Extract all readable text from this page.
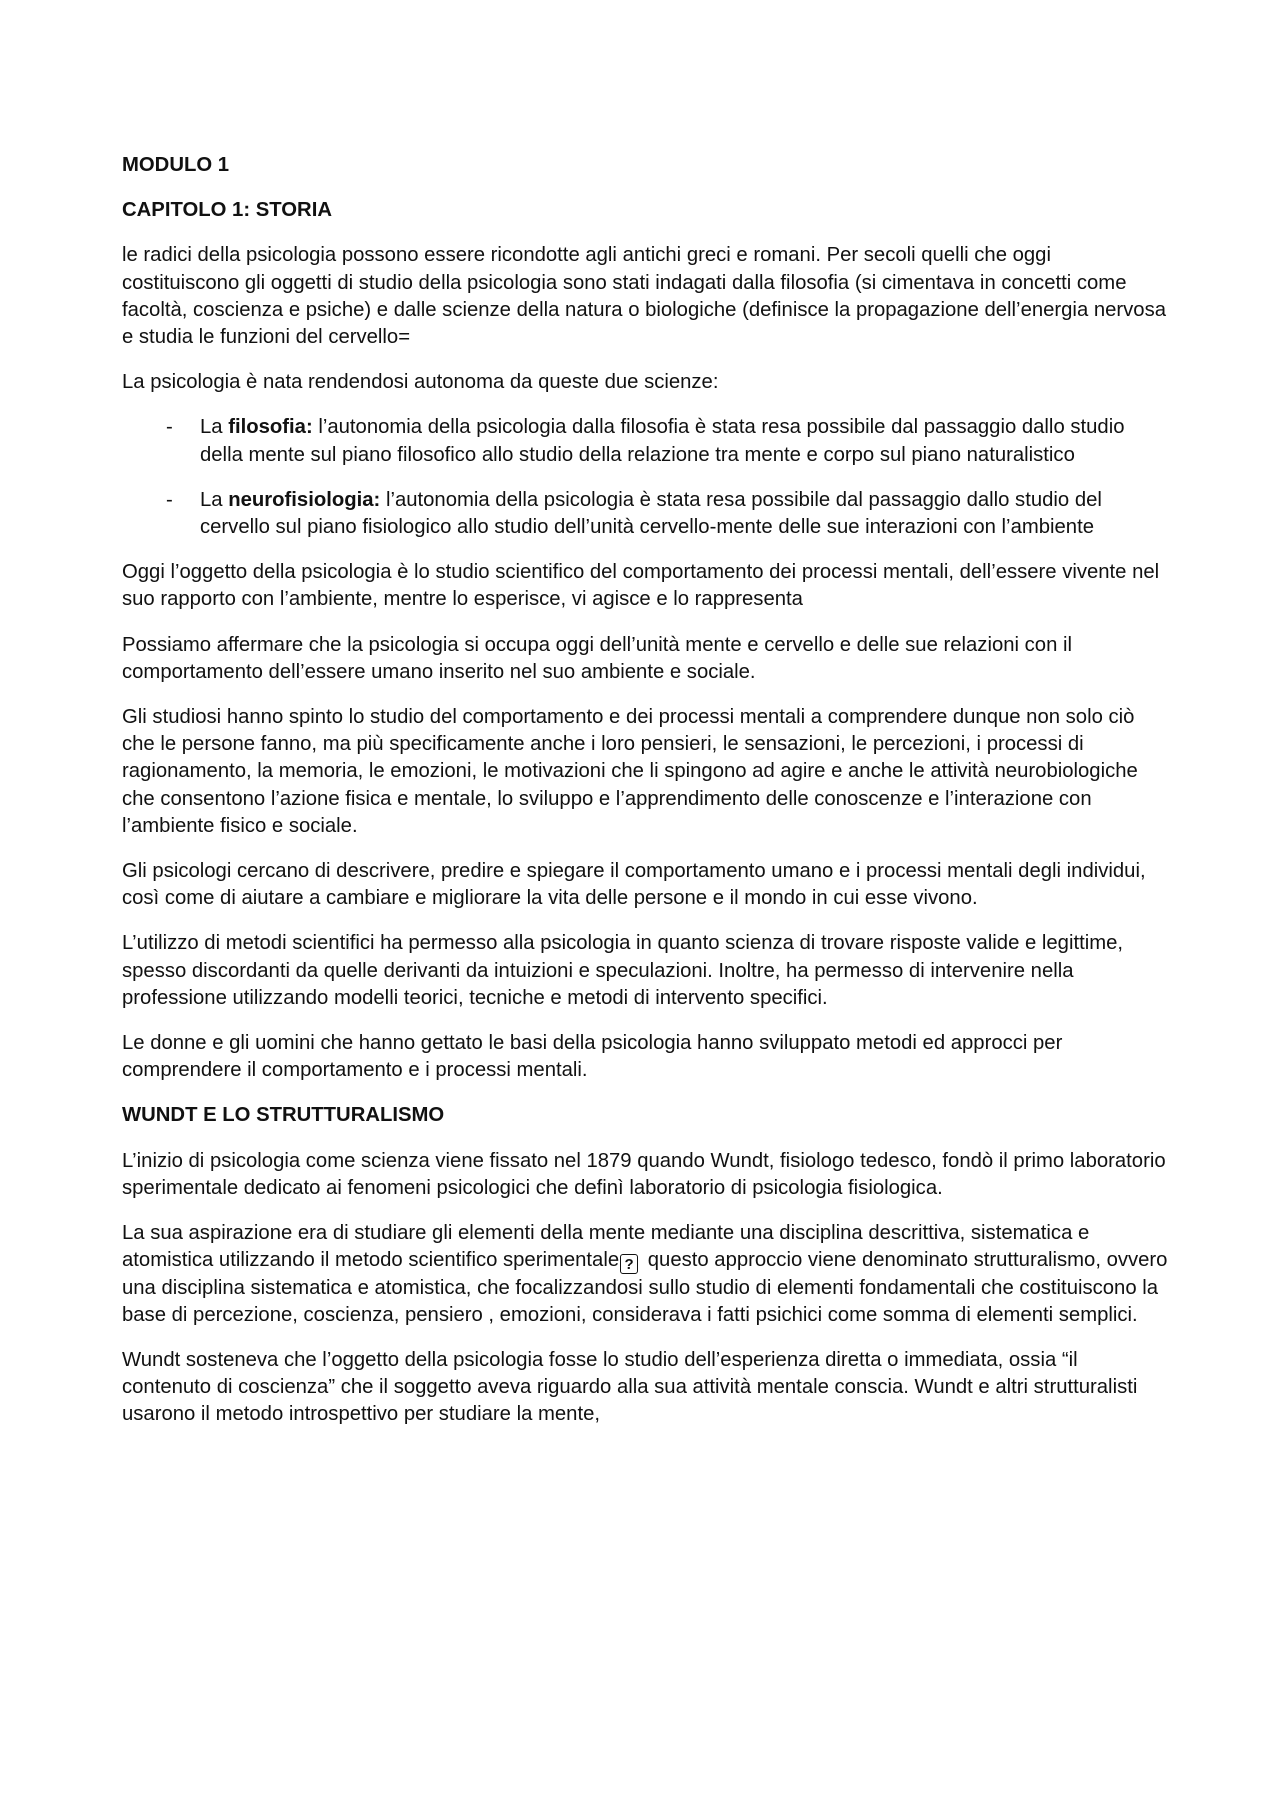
MODULO 1
CAPITOLO 1: STORIA
le radici della psicologia possono essere ricondotte agli antichi greci e romani. Per secoli quelli che oggi costituiscono gli oggetti di studio della psicologia sono stati indagati dalla filosofia (si cimentava in concetti come facoltà, coscienza e psiche) e dalle scienze della natura o biologiche (definisce la propagazione dell’energia nervosa e studia le funzioni del cervello=
La psicologia è nata rendendosi autonoma da queste due scienze:
- La filosofia: l’autonomia della psicologia dalla filosofia è stata resa possibile dal passaggio dallo studio della mente sul piano filosofico allo studio della relazione tra mente e corpo sul piano naturalistico
- La neurofisiologia: l’autonomia della psicologia è stata resa possibile dal passaggio dallo studio del cervello sul piano fisiologico allo studio dell’unità cervello-mente delle sue interazioni con l’ambiente
Oggi l’oggetto della psicologia è lo studio scientifico del comportamento dei processi mentali, dell’essere vivente nel suo rapporto con l’ambiente, mentre lo esperisce, vi agisce e lo rappresenta
Possiamo affermare che la psicologia si occupa oggi dell’unità mente e cervello e delle sue relazioni con il comportamento dell’essere umano inserito nel suo ambiente e sociale.
Gli studiosi hanno spinto lo studio del comportamento e dei processi mentali a comprendere dunque non solo ciò che le persone fanno, ma più specificamente anche i loro pensieri, le sensazioni, le percezioni, i processi di ragionamento, la memoria, le emozioni, le motivazioni che li spingono ad agire e anche le attività neurobiologiche che consentono l’azione fisica e mentale, lo sviluppo e l’apprendimento delle conoscenze e l’interazione con l’ambiente fisico e sociale.
Gli psicologi cercano di descrivere, predire e spiegare il comportamento umano e i processi mentali degli individui, così come di aiutare a cambiare e migliorare la vita delle persone e il mondo in cui esse vivono.
L’utilizzo di metodi scientifici ha permesso alla psicologia in quanto scienza di trovare risposte valide e legittime, spesso discordanti da quelle derivanti da intuizioni e speculazioni. Inoltre, ha permesso di intervenire nella professione utilizzando modelli teorici, tecniche e metodi di intervento specifici.
Le donne e gli uomini che hanno gettato le basi della psicologia hanno sviluppato metodi ed approcci per comprendere il comportamento e i processi mentali.
WUNDT E LO STRUTTURALISMO
L’inizio di psicologia come scienza viene fissato nel 1879 quando Wundt, fisiologo tedesco, fondò il primo laboratorio sperimentale dedicato ai fenomeni psicologici che definì laboratorio di psicologia fisiologica.
La sua aspirazione era di studiare gli elementi della mente mediante una disciplina descrittiva, sistematica e atomistica utilizzando il metodo scientifico sperimentale ? questo approccio viene denominato strutturalismo, ovvero una disciplina sistematica e atomistica, che focalizzandosi sullo studio di elementi fondamentali che costituiscono la base di percezione, coscienza, pensiero , emozioni, considerava i fatti psichici come somma di elementi semplici.
Wundt sosteneva che l’oggetto della psicologia fosse lo studio dell’esperienza diretta o immediata, ossia “il contenuto di coscienza” che il soggetto aveva riguardo alla sua attività mentale conscia. Wundt e altri strutturalisti usarono il metodo introspettivo per studiare la mente,
